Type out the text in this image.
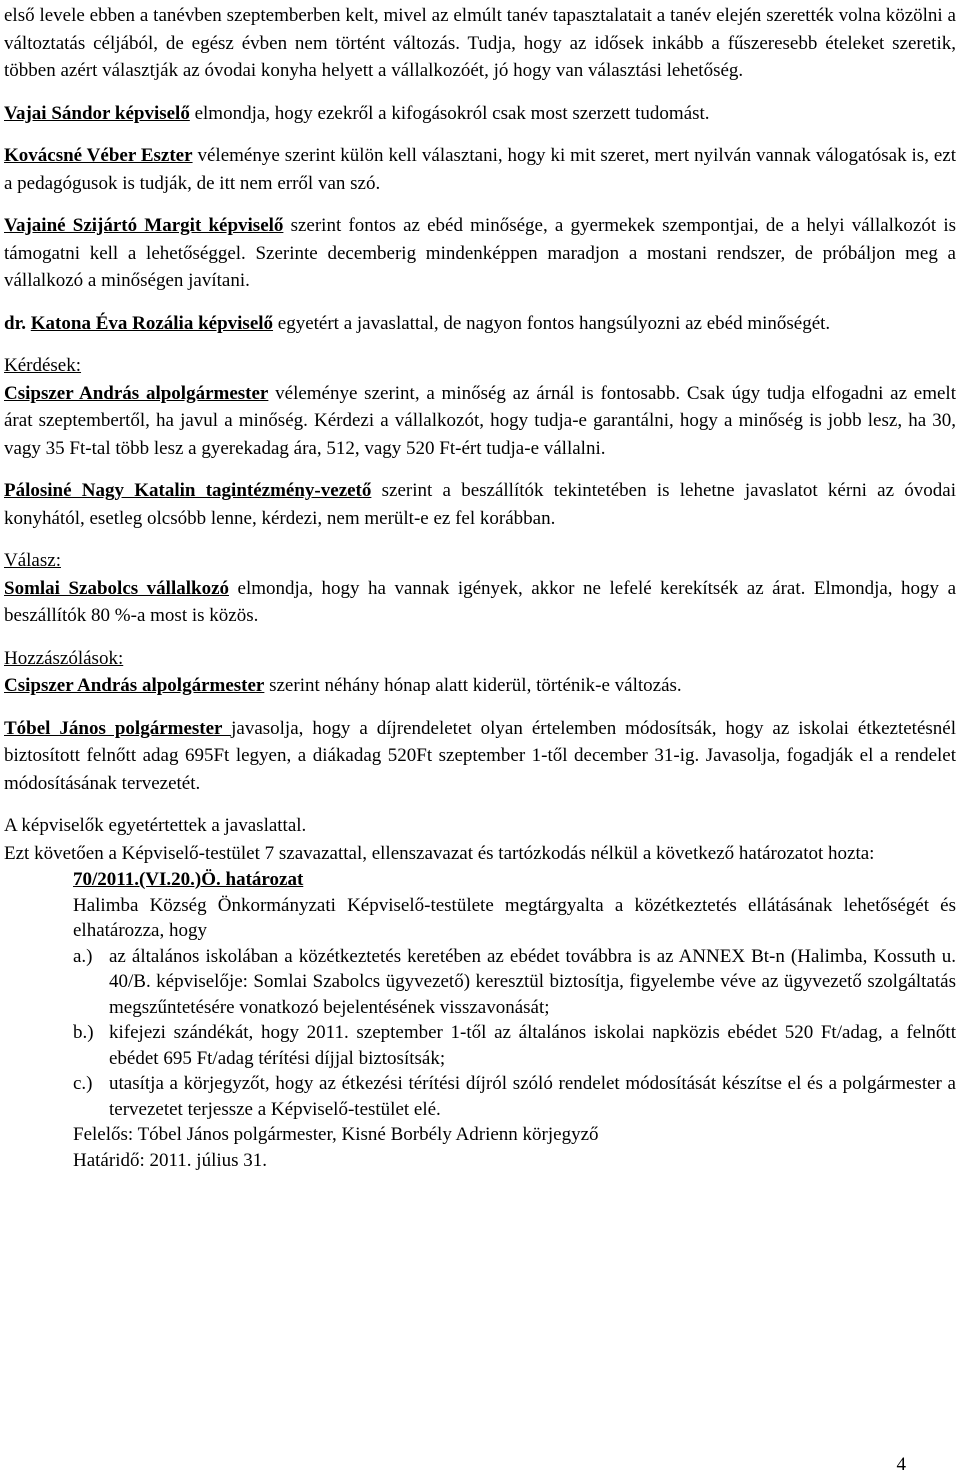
első levele ebben a tanévben szeptemberben kelt, mivel az elmúlt tanév tapasztalatait a tanév elején szerették volna közölni a változtatás céljából, de egész évben nem történt változás. Tudja, hogy az idősek inkább a fűszeresebb ételeket szeretik, többen azért választják az óvodai konyha helyett a vállalkozóét, jó hogy van választási lehetőség.

Vajai Sándor képviselő elmondja, hogy ezekről a kifogásokról csak most szerzett tudomást.

Kovácsné Véber Eszter véleménye szerint külön kell választani, hogy ki mit szeret, mert nyilván vannak válogatósak is, ezt a pedagógusok is tudják, de itt nem erről van szó.

Vajainé Szijártó Margit képviselő szerint fontos az ebéd minősége, a gyermekek szempontjai, de a helyi vállalkozót is támogatni kell a lehetőséggel. Szerinte decemberig mindenképpen maradjon a mostani rendszer, de próbáljon meg a vállalkozó a minőségen javítani.

dr. Katona Éva Rozália képviselő egyetért a javaslattal, de nagyon fontos hangsúlyozni az ebéd minőségét.

Kérdések:

Csipszer András alpolgármester véleménye szerint, a minőség az árnál is fontosabb. Csak úgy tudja elfogadni az emelt árat szeptembertől, ha javul a minőség. Kérdezi a vállalkozót, hogy tudja-e garantálni, hogy a minőség is jobb lesz, ha 30, vagy 35 Ft-tal több lesz a gyerekadag ára, 512, vagy 520 Ft-ért tudja-e vállalni.

Pálosiné Nagy Katalin tagintézmény-vezető szerint a beszállítók tekintetében is lehetne javaslatot kérni az óvodai konyhától, esetleg olcsóbb lenne, kérdezi, nem merült-e ez fel korábban.

Válasz:

Somlai Szabolcs vállalkozó elmondja, hogy ha vannak igények, akkor ne lefelé kerekítsék az árat. Elmondja, hogy a beszállítók 80 %-a most is közös.

Hozzászólások:

Csipszer András alpolgármester szerint néhány hónap alatt kiderül, történik-e változás.

Tóbel János polgármester javasolja, hogy a díjrendeletet olyan értelemben módosítsák, hogy az iskolai étkeztetésnél biztosított felnőtt adag 695Ft legyen, a diákadag 520Ft szeptember 1-től december 31-ig. Javasolja, fogadják el a rendelet módosításának tervezetét.

A képviselők egyetértettek a javaslattal.

Ezt követően a Képviselő-testület 7 szavazattal, ellenszavazat és tartózkodás nélkül a következő határozatot hozta:

70/2011.(VI.20.)Ö. határozat

Halimba Község Önkormányzati Képviselő-testülete megtárgyalta a közétkeztetés ellátásának lehetőségét és elhatározza, hogy

a.) az általános iskolában a közétkeztetés keretében az ebédet továbbra is az ANNEX Bt-n (Halimba, Kossuth u. 40/B. képviselője: Somlai Szabolcs ügyvezető) keresztül biztosítja, figyelembe véve az ügyvezető szolgáltatás megszűntetésére vonatkozó bejelentésének visszavonását;
b.) kifejezi szándékát, hogy 2011. szeptember 1-től az általános iskolai napközis ebédet 520 Ft/adag, a felnőtt ebédet 695 Ft/adag térítési díjjal biztosítsák;
c.) utasítja a körjegyzőt, hogy az étkezési térítési díjról szóló rendelet módosítását készítse el és a polgármester a tervezetet terjessze a Képviselő-testület elé.

Felelős: Tóbel János polgármester, Kisné Borbély Adrienn körjegyző

Határidő: 2011. július 31.

4
